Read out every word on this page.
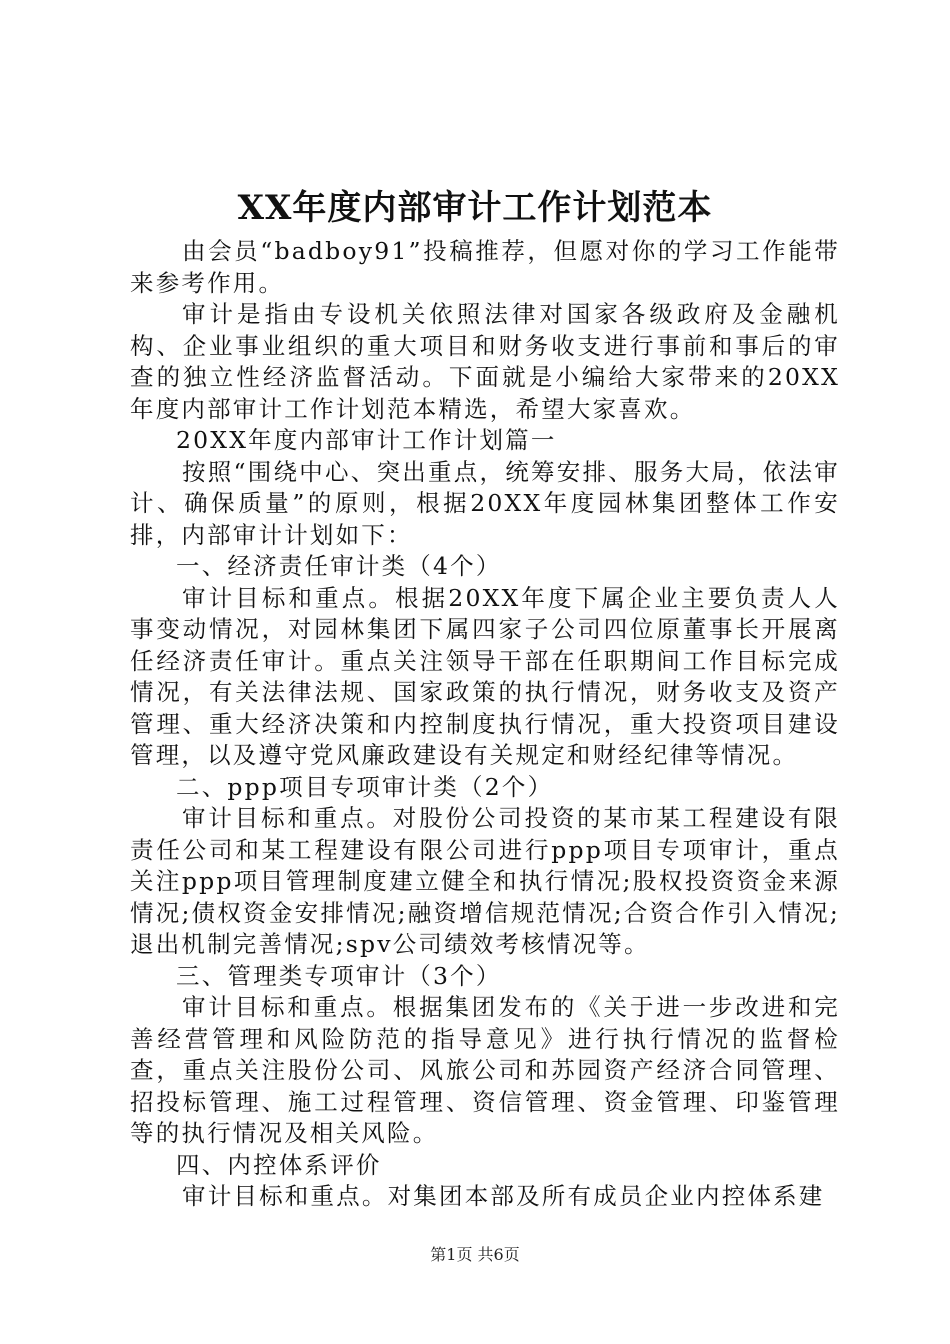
XX年度内部审计工作计划范本

由会员“badboy91”投稿推荐，但愿对你的学习工作能带来参考作用。

审计是指由专设机关依照法律对国家各级政府及金融机构、企业事业组织的重大项目和财务收支进行事前和事后的审查的独立性经济监督活动。下面就是小编给大家带来的20XX年度内部审计工作计划范本精选，希望大家喜欢。

20XX年度内部审计工作计划篇一

按照“围绕中心、突出重点，统筹安排、服务大局，依法审计、确保质量”的原则，根据20XX年度园林集团整体工作安排，内部审计计划如下：

一、经济责任审计类（4个）

审计目标和重点。根据20XX年度下属企业主要负责人人事变动情况，对园林集团下属四家子公司四位原董事长开展离任经济责任审计。重点关注领导干部在任职期间工作目标完成情况，有关法律法规、国家政策的执行情况，财务收支及资产管理、重大经济决策和内控制度执行情况，重大投资项目建设管理，以及遵守党风廉政建设有关规定和财经纪律等情况。

二、ppp项目专项审计类（2个）

审计目标和重点。对股份公司投资的某市某工程建设有限责任公司和某工程建设有限公司进行ppp项目专项审计，重点关注ppp项目管理制度建立健全和执行情况;股权投资资金来源情况;债权资金安排情况;融资增信规范情况;合资合作引入情况;退出机制完善情况;spv公司绩效考核情况等。

三、管理类专项审计（3个）

审计目标和重点。根据集团发布的《关于进一步改进和完善经营管理和风险防范的指导意见》进行执行情况的监督检查，重点关注股份公司、风旅公司和苏园资产经济合同管理、招投标管理、施工过程管理、资信管理、资金管理、印鉴管理等的执行情况及相关风险。

四、内控体系评价

审计目标和重点。对集团本部及所有成员企业内控体系建

第1页 共6页
